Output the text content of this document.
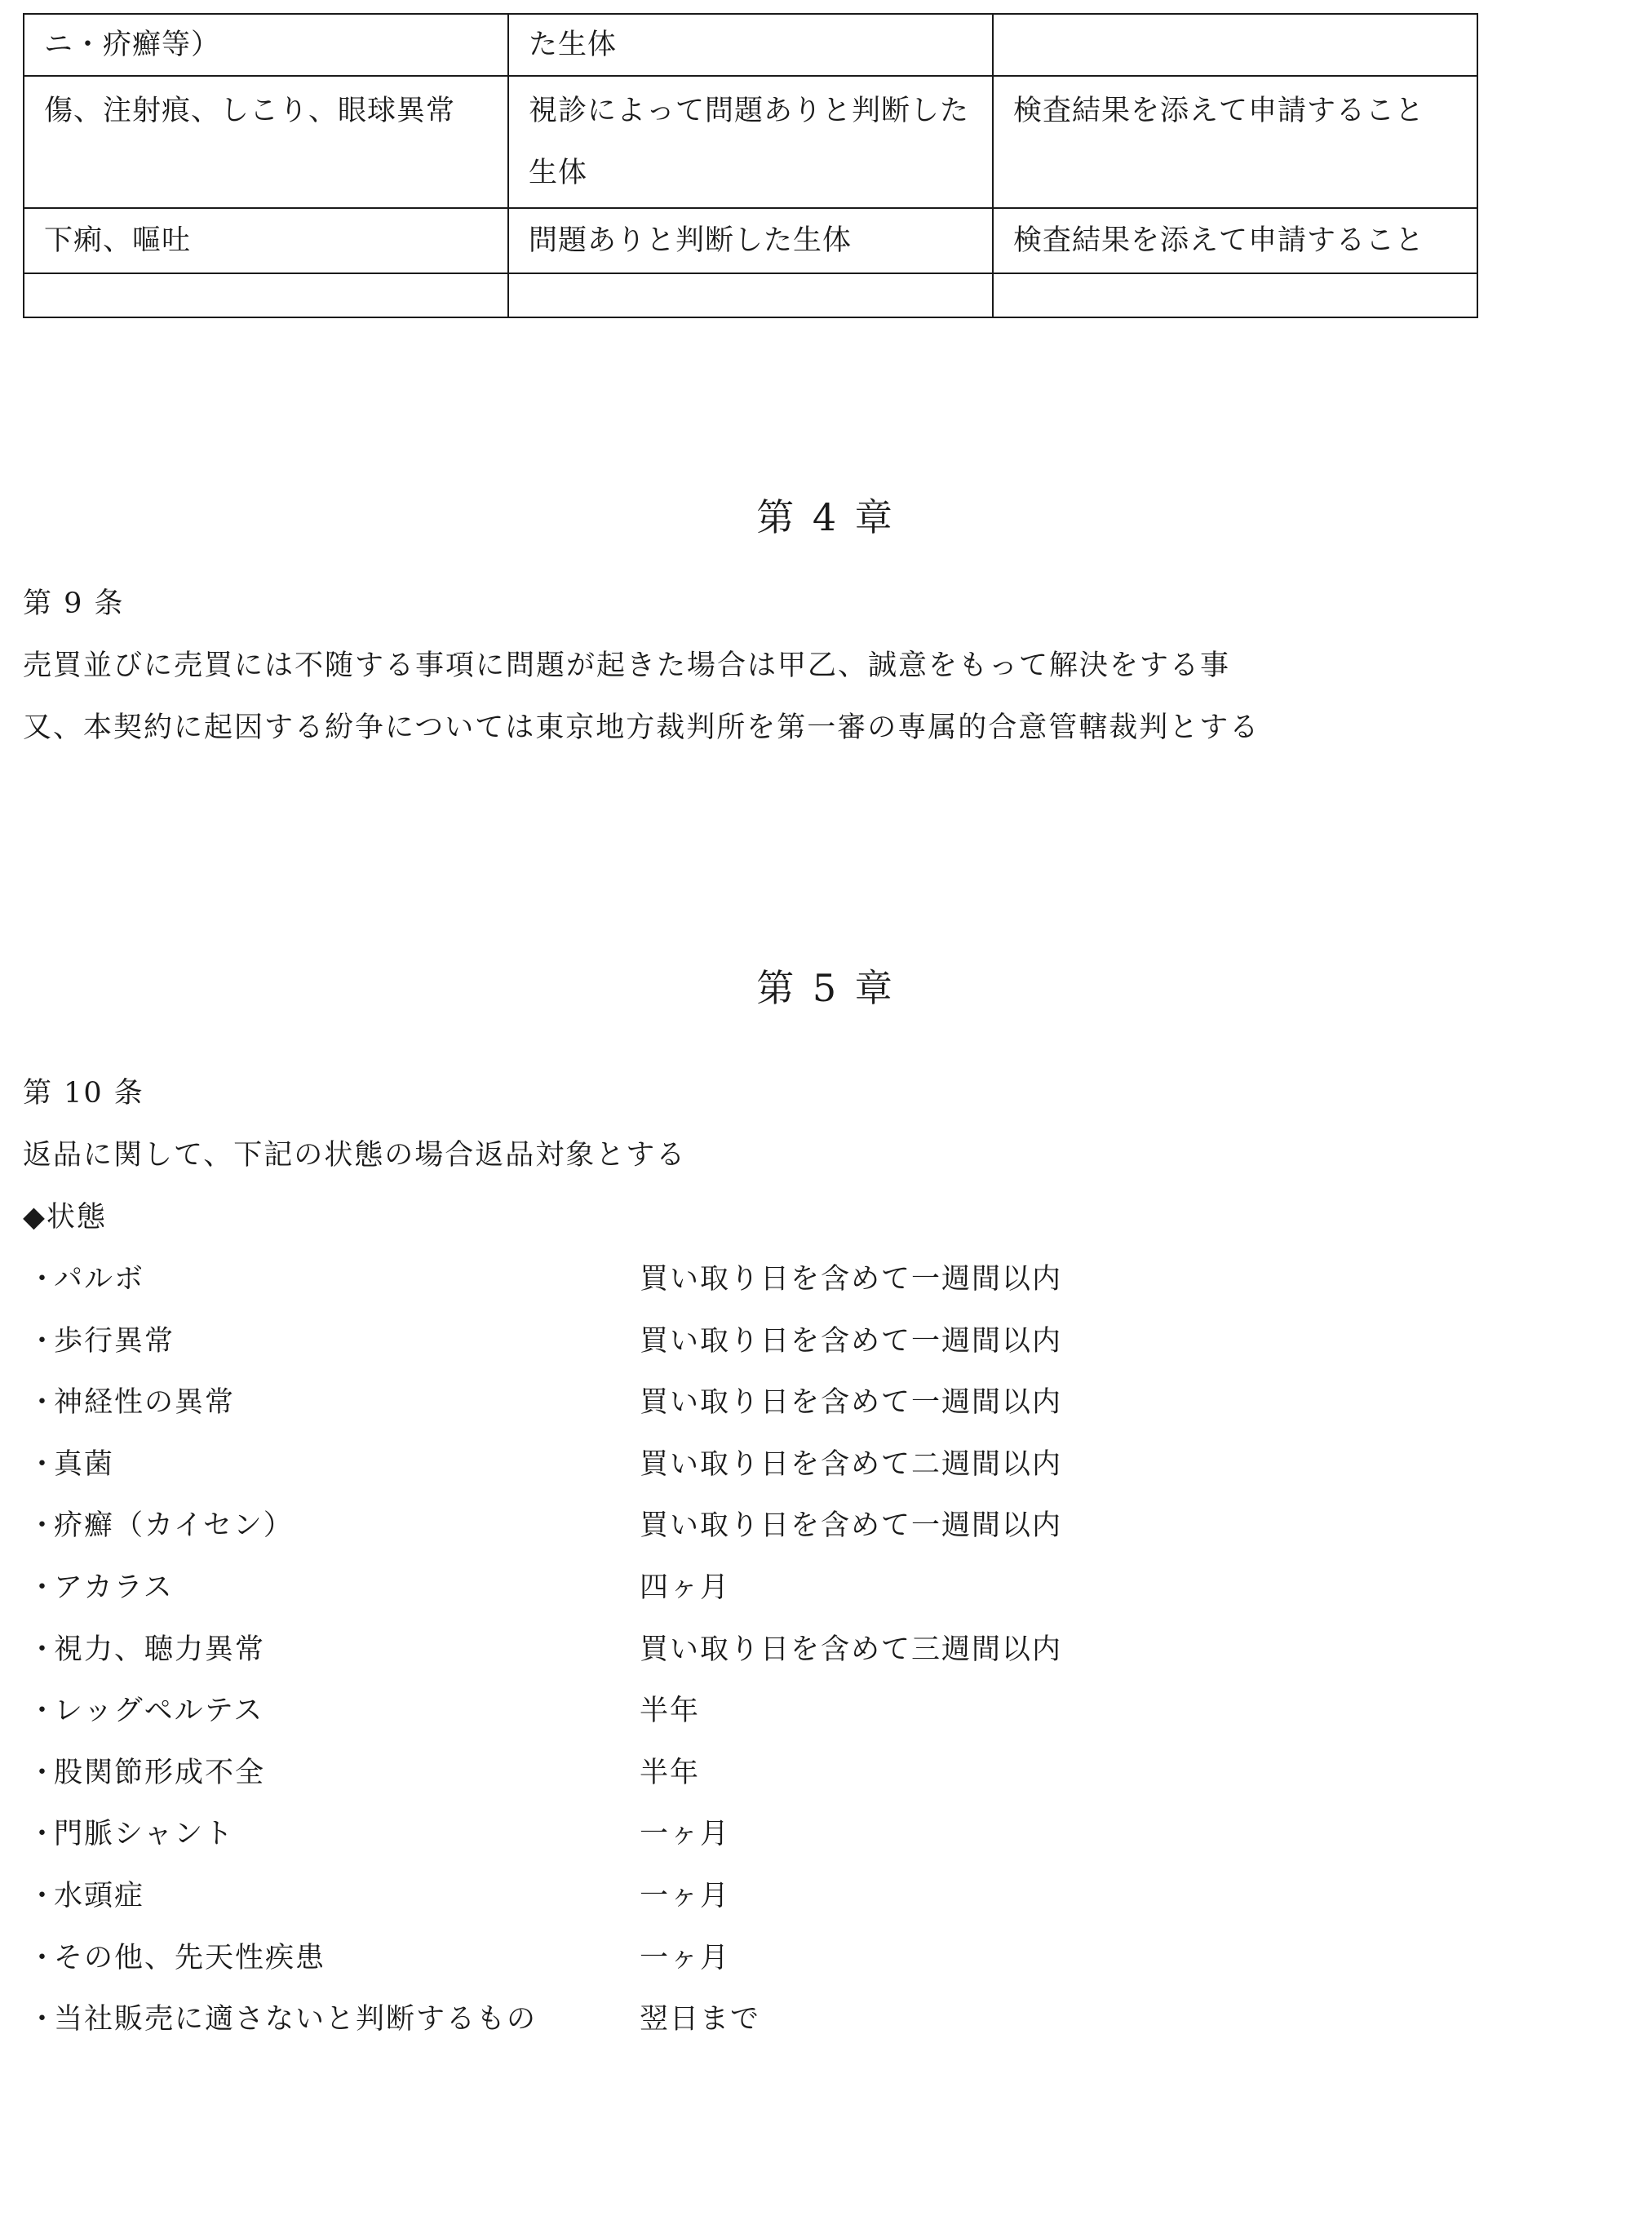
ニ・疥癬等）	た生体	
傷、注射痕、しこり、眼球異常	視診によって問題ありと判断した生体	検査結果を添えて申請すること
下痢、嘔吐	問題ありと判断した生体	検査結果を添えて申請すること

第 4 章
第 9 条
売買並びに売買には不随する事項に問題が起きた場合は甲乙、誠意をもって解決をする事
又、本契約に起因する紛争については東京地方裁判所を第一審の専属的合意管轄裁判とする
第 5 章
第 10 条
返品に関して、下記の状態の場合返品対象とする
◆状態
・
パルボ	買い取り日を含めて一週間以内
・
歩行異常	買い取り日を含めて一週間以内
・
神経性の異常	買い取り日を含めて一週間以内
・
真菌	買い取り日を含めて二週間以内
・
疥癬（カイセン）	買い取り日を含めて一週間以内
・
アカラス	四ヶ月
・
視力、聴力異常	買い取り日を含めて三週間以内
・
レッグペルテス	半年
・
股関節形成不全	半年
・
門脈シャント	一ヶ月
・
水頭症	一ヶ月
・
その他、先天性疾患	一ヶ月
・
当社販売に適さないと判断するもの	翌日まで
